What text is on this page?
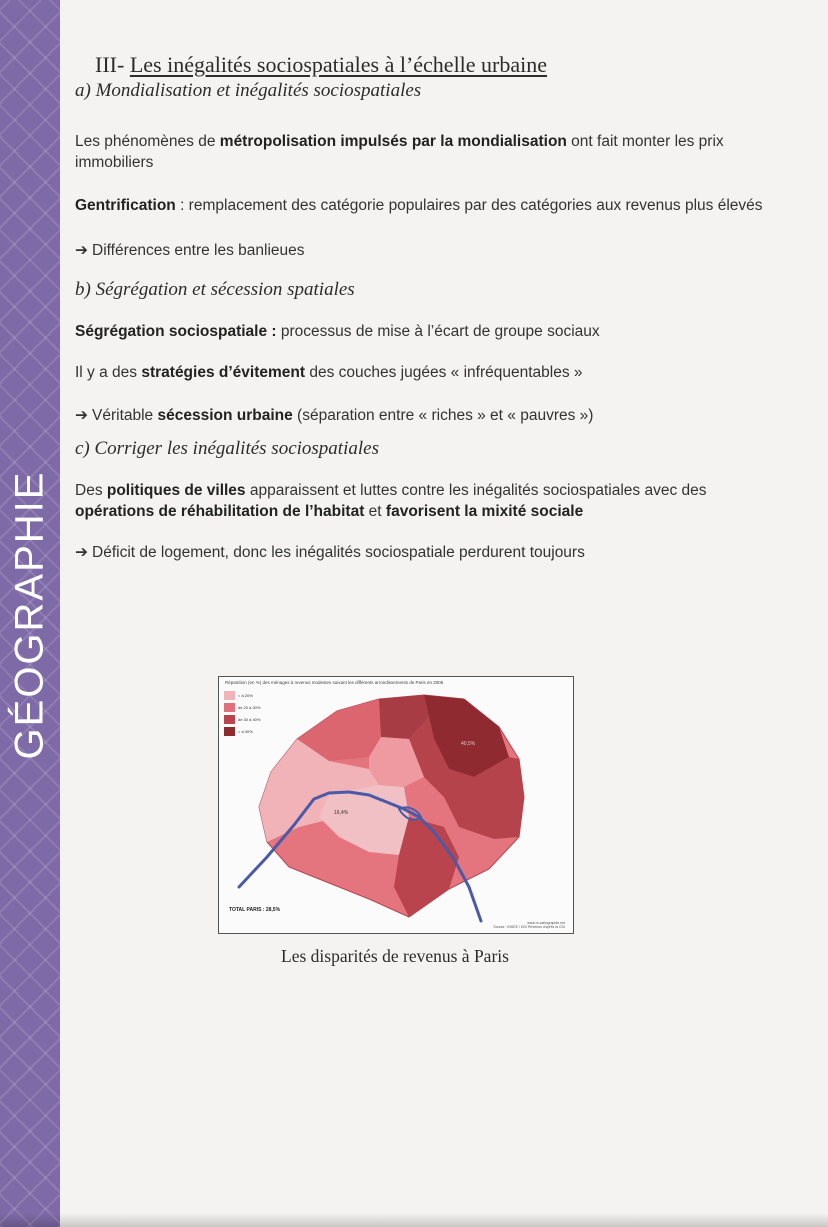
GÉOGRAPHIE
III- Les inégalités sociospatiales à l’échelle urbaine
a) Mondialisation et inégalités sociospatiales

Les phénomènes de métropolisation impulsés par la mondialisation ont fait monter les prix immobiliers

Gentrification : remplacement des catégorie populaires par des catégories aux revenus plus élevés

➔ Différences entre les banlieues

b) Ségrégation et sécession spatiales

Ségrégation sociospatiale : processus de mise à l’écart de groupe sociaux

Il y a des stratégies d’évitement des couches jugées « infréquentables »

➔ Véritable sécession urbaine (séparation entre « riches » et « pauvres »)

c) Corriger les inégalités sociospatiales

Des politiques de villes apparaissent et luttes contre les inégalités sociospatiales avec des opérations de réhabilitation de l’habitat et favorisent la mixité sociale

➔ Déficit de logement, donc les inégalités sociospatiale perdurent toujours

Répartition (en %) des ménages à revenus modestes suivant les différents arrondissements de Paris en 2005
< à 20%
de 20 à 30%
de 30 à 40%
> à 40%
16,4%
40,5%
TOTAL PARIS : 28,5%
www.m-cartographie.net
Source : INSEE / DGI Revenus d’après la CDI
Les disparités de revenus à Paris
